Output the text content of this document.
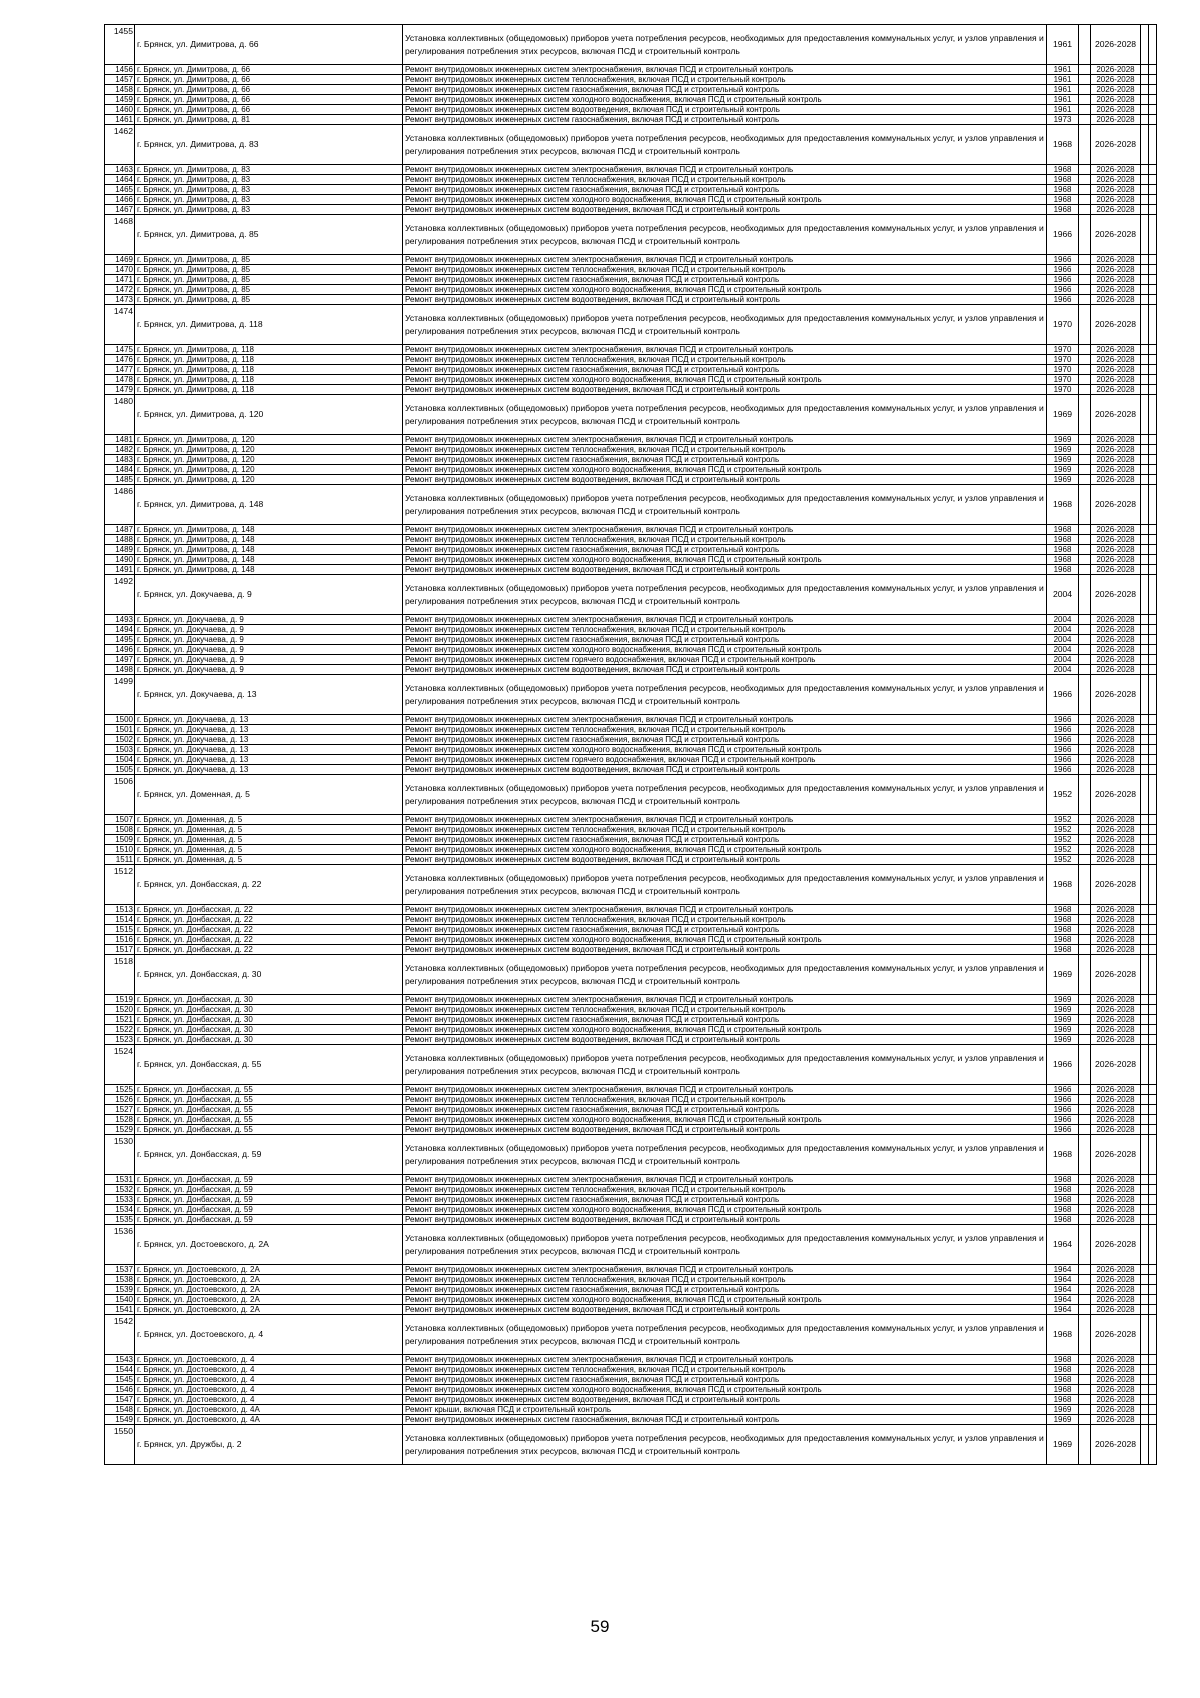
1455	г. Брянск, ул. Димитрова, д. 66	Установка коллективных (общедомовых) приборов учета потребления ресурсов, необходимых для предоставления коммунальных услуг, и узлов управления и регулирования потребления этих ресурсов, включая ПСД и строительный контроль	1961		2026-2028		
1456	г. Брянск, ул. Димитрова, д. 66	Ремонт внутридомовых инженерных систем электроснабжения, включая ПСД и строительный контроль	1961		2026-2028		
1457	г. Брянск, ул. Димитрова, д. 66	Ремонт внутридомовых инженерных систем теплоснабжения, включая ПСД и строительный контроль	1961		2026-2028		
1458	г. Брянск, ул. Димитрова, д. 66	Ремонт внутридомовых инженерных систем газоснабжения, включая ПСД и строительный контроль	1961		2026-2028		
1459	г. Брянск, ул. Димитрова, д. 66	Ремонт внутридомовых инженерных систем холодного водоснабжения, включая ПСД и строительный контроль	1961		2026-2028		
1460	г. Брянск, ул. Димитрова, д. 66	Ремонт внутридомовых инженерных систем водоотведения, включая ПСД и строительный контроль	1961		2026-2028		
1461	г. Брянск, ул. Димитрова, д. 81	Ремонт внутридомовых инженерных систем газоснабжения, включая ПСД и строительный контроль	1973		2026-2028		
1462	г. Брянск, ул. Димитрова, д. 83	Установка коллективных (общедомовых) приборов учета потребления ресурсов, необходимых для предоставления коммунальных услуг, и узлов управления и регулирования потребления этих ресурсов, включая ПСД и строительный контроль	1968		2026-2028		
1463	г. Брянск, ул. Димитрова, д. 83	Ремонт внутридомовых инженерных систем электроснабжения, включая ПСД и строительный контроль	1968		2026-2028		
1464	г. Брянск, ул. Димитрова, д. 83	Ремонт внутридомовых инженерных систем теплоснабжения, включая ПСД и строительный контроль	1968		2026-2028		
1465	г. Брянск, ул. Димитрова, д. 83	Ремонт внутридомовых инженерных систем газоснабжения, включая ПСД и строительный контроль	1968		2026-2028		
1466	г. Брянск, ул. Димитрова, д. 83	Ремонт внутридомовых инженерных систем холодного водоснабжения, включая ПСД и строительный контроль	1968		2026-2028		
1467	г. Брянск, ул. Димитрова, д. 83	Ремонт внутридомовых инженерных систем водоотведения, включая ПСД и строительный контроль	1968		2026-2028		
1468	г. Брянск, ул. Димитрова, д. 85	Установка коллективных (общедомовых) приборов учета потребления ресурсов, необходимых для предоставления коммунальных услуг, и узлов управления и регулирования потребления этих ресурсов, включая ПСД и строительный контроль	1966		2026-2028		
1469	г. Брянск, ул. Димитрова, д. 85	Ремонт внутридомовых инженерных систем электроснабжения, включая ПСД и строительный контроль	1966		2026-2028		
1470	г. Брянск, ул. Димитрова, д. 85	Ремонт внутридомовых инженерных систем теплоснабжения, включая ПСД и строительный контроль	1966		2026-2028		
1471	г. Брянск, ул. Димитрова, д. 85	Ремонт внутридомовых инженерных систем газоснабжения, включая ПСД и строительный контроль	1966		2026-2028		
1472	г. Брянск, ул. Димитрова, д. 85	Ремонт внутридомовых инженерных систем холодного водоснабжения, включая ПСД и строительный контроль	1966		2026-2028		
1473	г. Брянск, ул. Димитрова, д. 85	Ремонт внутридомовых инженерных систем водоотведения, включая ПСД и строительный контроль	1966		2026-2028		
1474	г. Брянск, ул. Димитрова, д. 118	Установка коллективных (общедомовых) приборов учета потребления ресурсов, необходимых для предоставления коммунальных услуг, и узлов управления и регулирования потребления этих ресурсов, включая ПСД и строительный контроль	1970		2026-2028		
1475	г. Брянск, ул. Димитрова, д. 118	Ремонт внутридомовых инженерных систем электроснабжения, включая ПСД и строительный контроль	1970		2026-2028		
1476	г. Брянск, ул. Димитрова, д. 118	Ремонт внутридомовых инженерных систем теплоснабжения, включая ПСД и строительный контроль	1970		2026-2028		
1477	г. Брянск, ул. Димитрова, д. 118	Ремонт внутридомовых инженерных систем газоснабжения, включая ПСД и строительный контроль	1970		2026-2028		
1478	г. Брянск, ул. Димитрова, д. 118	Ремонт внутридомовых инженерных систем холодного водоснабжения, включая ПСД и строительный контроль	1970		2026-2028		
1479	г. Брянск, ул. Димитрова, д. 118	Ремонт внутридомовых инженерных систем водоотведения, включая ПСД и строительный контроль	1970		2026-2028		
1480	г. Брянск, ул. Димитрова, д. 120	Установка коллективных (общедомовых) приборов учета потребления ресурсов, необходимых для предоставления коммунальных услуг, и узлов управления и регулирования потребления этих ресурсов, включая ПСД и строительный контроль	1969		2026-2028		
1481	г. Брянск, ул. Димитрова, д. 120	Ремонт внутридомовых инженерных систем электроснабжения, включая ПСД и строительный контроль	1969		2026-2028		
1482	г. Брянск, ул. Димитрова, д. 120	Ремонт внутридомовых инженерных систем теплоснабжения, включая ПСД и строительный контроль	1969		2026-2028		
1483	г. Брянск, ул. Димитрова, д. 120	Ремонт внутридомовых инженерных систем газоснабжения, включая ПСД и строительный контроль	1969		2026-2028		
1484	г. Брянск, ул. Димитрова, д. 120	Ремонт внутридомовых инженерных систем холодного водоснабжения, включая ПСД и строительный контроль	1969		2026-2028		
1485	г. Брянск, ул. Димитрова, д. 120	Ремонт внутридомовых инженерных систем водоотведения, включая ПСД и строительный контроль	1969		2026-2028		
1486	г. Брянск, ул. Димитрова, д. 148	Установка коллективных (общедомовых) приборов учета потребления ресурсов, необходимых для предоставления коммунальных услуг, и узлов управления и регулирования потребления этих ресурсов, включая ПСД и строительный контроль	1968		2026-2028		
1487	г. Брянск, ул. Димитрова, д. 148	Ремонт внутридомовых инженерных систем электроснабжения, включая ПСД и строительный контроль	1968		2026-2028		
1488	г. Брянск, ул. Димитрова, д. 148	Ремонт внутридомовых инженерных систем теплоснабжения, включая ПСД и строительный контроль	1968		2026-2028		
1489	г. Брянск, ул. Димитрова, д. 148	Ремонт внутридомовых инженерных систем газоснабжения, включая ПСД и строительный контроль	1968		2026-2028		
1490	г. Брянск, ул. Димитрова, д. 148	Ремонт внутридомовых инженерных систем холодного водоснабжения, включая ПСД и строительный контроль	1968		2026-2028		
1491	г. Брянск, ул. Димитрова, д. 148	Ремонт внутридомовых инженерных систем водоотведения, включая ПСД и строительный контроль	1968		2026-2028		
1492	г. Брянск, ул. Докучаева, д. 9	Установка коллективных (общедомовых) приборов учета потребления ресурсов, необходимых для предоставления коммунальных услуг, и узлов управления и регулирования потребления этих ресурсов, включая ПСД и строительный контроль	2004		2026-2028		
1493	г. Брянск, ул. Докучаева, д. 9	Ремонт внутридомовых инженерных систем электроснабжения, включая ПСД и строительный контроль	2004		2026-2028		
1494	г. Брянск, ул. Докучаева, д. 9	Ремонт внутридомовых инженерных систем теплоснабжения, включая ПСД и строительный контроль	2004		2026-2028		
1495	г. Брянск, ул. Докучаева, д. 9	Ремонт внутридомовых инженерных систем газоснабжения, включая ПСД и строительный контроль	2004		2026-2028		
1496	г. Брянск, ул. Докучаева, д. 9	Ремонт внутридомовых инженерных систем холодного водоснабжения, включая ПСД и строительный контроль	2004		2026-2028		
1497	г. Брянск, ул. Докучаева, д. 9	Ремонт внутридомовых инженерных систем горячего водоснабжения, включая ПСД и строительный контроль	2004		2026-2028		
1498	г. Брянск, ул. Докучаева, д. 9	Ремонт внутридомовых инженерных систем водоотведения, включая ПСД и строительный контроль	2004		2026-2028		
1499	г. Брянск, ул. Докучаева, д. 13	Установка коллективных (общедомовых) приборов учета потребления ресурсов, необходимых для предоставления коммунальных услуг, и узлов управления и регулирования потребления этих ресурсов, включая ПСД и строительный контроль	1966		2026-2028		
1500	г. Брянск, ул. Докучаева, д. 13	Ремонт внутридомовых инженерных систем электроснабжения, включая ПСД и строительный контроль	1966		2026-2028		
1501	г. Брянск, ул. Докучаева, д. 13	Ремонт внутридомовых инженерных систем теплоснабжения, включая ПСД и строительный контроль	1966		2026-2028		
1502	г. Брянск, ул. Докучаева, д. 13	Ремонт внутридомовых инженерных систем газоснабжения, включая ПСД и строительный контроль	1966		2026-2028		
1503	г. Брянск, ул. Докучаева, д. 13	Ремонт внутридомовых инженерных систем холодного водоснабжения, включая ПСД и строительный контроль	1966		2026-2028		
1504	г. Брянск, ул. Докучаева, д. 13	Ремонт внутридомовых инженерных систем горячего водоснабжения, включая ПСД и строительный контроль	1966		2026-2028		
1505	г. Брянск, ул. Докучаева, д. 13	Ремонт внутридомовых инженерных систем водоотведения, включая ПСД и строительный контроль	1966		2026-2028		
1506	г. Брянск, ул. Доменная, д. 5	Установка коллективных (общедомовых) приборов учета потребления ресурсов, необходимых для предоставления коммунальных услуг, и узлов управления и регулирования потребления этих ресурсов, включая ПСД и строительный контроль	1952		2026-2028		
1507	г. Брянск, ул. Доменная, д. 5	Ремонт внутридомовых инженерных систем электроснабжения, включая ПСД и строительный контроль	1952		2026-2028		
1508	г. Брянск, ул. Доменная, д. 5	Ремонт внутридомовых инженерных систем теплоснабжения, включая ПСД и строительный контроль	1952		2026-2028		
1509	г. Брянск, ул. Доменная, д. 5	Ремонт внутридомовых инженерных систем газоснабжения, включая ПСД и строительный контроль	1952		2026-2028		
1510	г. Брянск, ул. Доменная, д. 5	Ремонт внутридомовых инженерных систем холодного водоснабжения, включая ПСД и строительный контроль	1952		2026-2028		
1511	г. Брянск, ул. Доменная, д. 5	Ремонт внутридомовых инженерных систем водоотведения, включая ПСД и строительный контроль	1952		2026-2028		
1512	г. Брянск, ул. Донбасская, д. 22	Установка коллективных (общедомовых) приборов учета потребления ресурсов, необходимых для предоставления коммунальных услуг, и узлов управления и регулирования потребления этих ресурсов, включая ПСД и строительный контроль	1968		2026-2028		
1513	г. Брянск, ул. Донбасская, д. 22	Ремонт внутридомовых инженерных систем электроснабжения, включая ПСД и строительный контроль	1968		2026-2028		
1514	г. Брянск, ул. Донбасская, д. 22	Ремонт внутридомовых инженерных систем теплоснабжения, включая ПСД и строительный контроль	1968		2026-2028		
1515	г. Брянск, ул. Донбасская, д. 22	Ремонт внутридомовых инженерных систем газоснабжения, включая ПСД и строительный контроль	1968		2026-2028		
1516	г. Брянск, ул. Донбасская, д. 22	Ремонт внутридомовых инженерных систем холодного водоснабжения, включая ПСД и строительный контроль	1968		2026-2028		
1517	г. Брянск, ул. Донбасская, д. 22	Ремонт внутридомовых инженерных систем водоотведения, включая ПСД и строительный контроль	1968		2026-2028		
1518	г. Брянск, ул. Донбасская, д. 30	Установка коллективных (общедомовых) приборов учета потребления ресурсов, необходимых для предоставления коммунальных услуг, и узлов управления и регулирования потребления этих ресурсов, включая ПСД и строительный контроль	1969		2026-2028		
1519	г. Брянск, ул. Донбасская, д. 30	Ремонт внутридомовых инженерных систем электроснабжения, включая ПСД и строительный контроль	1969		2026-2028		
1520	г. Брянск, ул. Донбасская, д. 30	Ремонт внутридомовых инженерных систем теплоснабжения, включая ПСД и строительный контроль	1969		2026-2028		
1521	г. Брянск, ул. Донбасская, д. 30	Ремонт внутридомовых инженерных систем газоснабжения, включая ПСД и строительный контроль	1969		2026-2028		
1522	г. Брянск, ул. Донбасская, д. 30	Ремонт внутридомовых инженерных систем холодного водоснабжения, включая ПСД и строительный контроль	1969		2026-2028		
1523	г. Брянск, ул. Донбасская, д. 30	Ремонт внутридомовых инженерных систем водоотведения, включая ПСД и строительный контроль	1969		2026-2028		
1524	г. Брянск, ул. Донбасская, д. 55	Установка коллективных (общедомовых) приборов учета потребления ресурсов, необходимых для предоставления коммунальных услуг, и узлов управления и регулирования потребления этих ресурсов, включая ПСД и строительный контроль	1966		2026-2028		
1525	г. Брянск, ул. Донбасская, д. 55	Ремонт внутридомовых инженерных систем электроснабжения, включая ПСД и строительный контроль	1966		2026-2028		
1526	г. Брянск, ул. Донбасская, д. 55	Ремонт внутридомовых инженерных систем теплоснабжения, включая ПСД и строительный контроль	1966		2026-2028		
1527	г. Брянск, ул. Донбасская, д. 55	Ремонт внутридомовых инженерных систем газоснабжения, включая ПСД и строительный контроль	1966		2026-2028		
1528	г. Брянск, ул. Донбасская, д. 55	Ремонт внутридомовых инженерных систем холодного водоснабжения, включая ПСД и строительный контроль	1966		2026-2028		
1529	г. Брянск, ул. Донбасская, д. 55	Ремонт внутридомовых инженерных систем водоотведения, включая ПСД и строительный контроль	1966		2026-2028		
1530	г. Брянск, ул. Донбасская, д. 59	Установка коллективных (общедомовых) приборов учета потребления ресурсов, необходимых для предоставления коммунальных услуг, и узлов управления и регулирования потребления этих ресурсов, включая ПСД и строительный контроль	1968		2026-2028		
1531	г. Брянск, ул. Донбасская, д. 59	Ремонт внутридомовых инженерных систем электроснабжения, включая ПСД и строительный контроль	1968		2026-2028		
1532	г. Брянск, ул. Донбасская, д. 59	Ремонт внутридомовых инженерных систем теплоснабжения, включая ПСД и строительный контроль	1968		2026-2028		
1533	г. Брянск, ул. Донбасская, д. 59	Ремонт внутридомовых инженерных систем газоснабжения, включая ПСД и строительный контроль	1968		2026-2028		
1534	г. Брянск, ул. Донбасская, д. 59	Ремонт внутридомовых инженерных систем холодного водоснабжения, включая ПСД и строительный контроль	1968		2026-2028		
1535	г. Брянск, ул. Донбасская, д. 59	Ремонт внутридомовых инженерных систем водоотведения, включая ПСД и строительный контроль	1968		2026-2028		
1536	г. Брянск, ул. Достоевского, д. 2А	Установка коллективных (общедомовых) приборов учета потребления ресурсов, необходимых для предоставления коммунальных услуг, и узлов управления и регулирования потребления этих ресурсов, включая ПСД и строительный контроль	1964		2026-2028		
1537	г. Брянск, ул. Достоевского, д. 2А	Ремонт внутридомовых инженерных систем электроснабжения, включая ПСД и строительный контроль	1964		2026-2028		
1538	г. Брянск, ул. Достоевского, д. 2А	Ремонт внутридомовых инженерных систем теплоснабжения, включая ПСД и строительный контроль	1964		2026-2028		
1539	г. Брянск, ул. Достоевского, д. 2А	Ремонт внутридомовых инженерных систем газоснабжения, включая ПСД и строительный контроль	1964		2026-2028		
1540	г. Брянск, ул. Достоевского, д. 2А	Ремонт внутридомовых инженерных систем холодного водоснабжения, включая ПСД и строительный контроль	1964		2026-2028		
1541	г. Брянск, ул. Достоевского, д. 2А	Ремонт внутридомовых инженерных систем водоотведения, включая ПСД и строительный контроль	1964		2026-2028		
1542	г. Брянск, ул. Достоевского, д. 4	Установка коллективных (общедомовых) приборов учета потребления ресурсов, необходимых для предоставления коммунальных услуг, и узлов управления и регулирования потребления этих ресурсов, включая ПСД и строительный контроль	1968		2026-2028		
1543	г. Брянск, ул. Достоевского, д. 4	Ремонт внутридомовых инженерных систем электроснабжения, включая ПСД и строительный контроль	1968		2026-2028		
1544	г. Брянск, ул. Достоевского, д. 4	Ремонт внутридомовых инженерных систем теплоснабжения, включая ПСД и строительный контроль	1968		2026-2028		
1545	г. Брянск, ул. Достоевского, д. 4	Ремонт внутридомовых инженерных систем газоснабжения, включая ПСД и строительный контроль	1968		2026-2028		
1546	г. Брянск, ул. Достоевского, д. 4	Ремонт внутридомовых инженерных систем холодного водоснабжения, включая ПСД и строительный контроль	1968		2026-2028		
1547	г. Брянск, ул. Достоевского, д. 4	Ремонт внутридомовых инженерных систем водоотведения, включая ПСД и строительный контроль	1968		2026-2028		
1548	г. Брянск, ул. Достоевского, д. 4А	Ремонт крыши, включая ПСД и строительный контроль	1969		2026-2028		
1549	г. Брянск, ул. Достоевского, д. 4А	Ремонт внутридомовых инженерных систем газоснабжения, включая ПСД и строительный контроль	1969		2026-2028		
1550	г. Брянск, ул. Дружбы, д. 2	Установка коллективных (общедомовых) приборов учета потребления ресурсов, необходимых для предоставления коммунальных услуг, и узлов управления и регулирования потребления этих ресурсов, включая ПСД и строительный контроль	1969		2026-2028		
59
